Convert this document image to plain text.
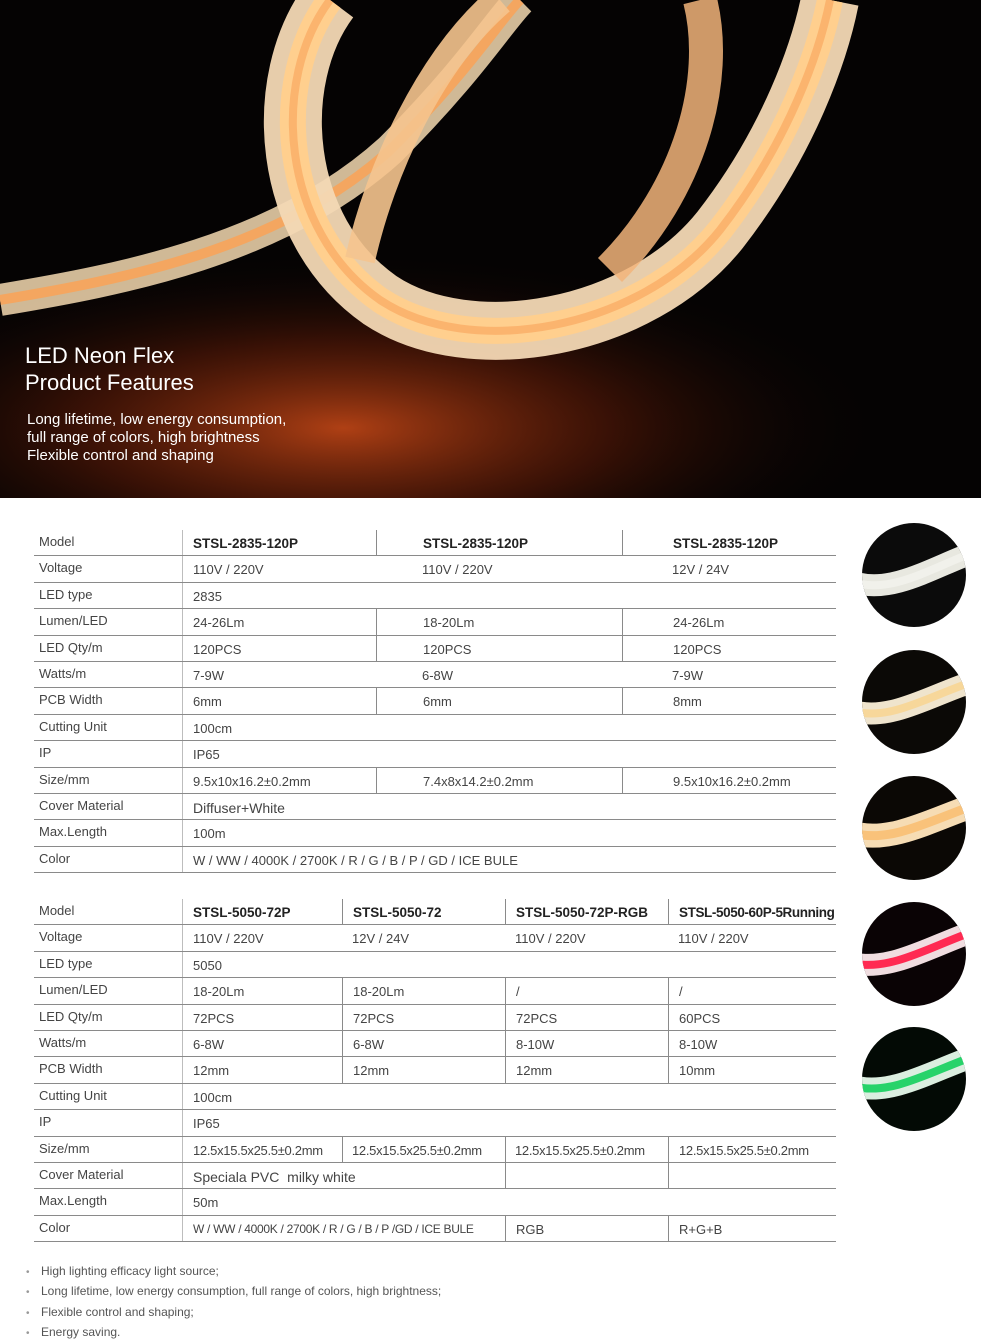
LED Neon Flex
Product Features
Long lifetime, low energy consumption,
full range of colors, high brightness
Flexible control and shaping
Model	STSL-2835-120P	STSL-2835-120P	STSL-2835-120P
Voltage	110V / 220V	110V / 220V	12V / 24V
LED type	2835
Lumen/LED	24-26Lm	18-20Lm	24-26Lm
LED Qty/m	120PCS	120PCS	120PCS
Watts/m	7-9W	6-8W	7-9W
PCB Width	6mm	6mm	8mm
Cutting Unit	100cm
IP	IP65
Size/mm	9.5x10x16.2±0.2mm	7.4x8x14.2±0.2mm	9.5x10x16.2±0.2mm
Cover Material	Diffuser+White
Max.Length	100m
Color	W / WW / 4000K / 2700K / R / G / B / P / GD / ICE BULE
Model	STSL-5050-72P	STSL-5050-72	STSL-5050-72P-RGB	STSL-5050-60P-5Running
Voltage	110V / 220V	12V / 24V	110V / 220V	110V / 220V
LED type	5050
Lumen/LED	18-20Lm	18-20Lm	/	/
LED Qty/m	72PCS	72PCS	72PCS	60PCS
Watts/m	6-8W	6-8W	8-10W	8-10W
PCB Width	12mm	12mm	12mm	10mm
Cutting Unit	100cm
IP	IP65
Size/mm	12.5x15.5x25.5±0.2mm	12.5x15.5x25.5±0.2mm	12.5x15.5x25.5±0.2mm	12.5x15.5x25.5±0.2mm
Cover Material	Speciala PVC  milky white
Max.Length	50m
Color	W / WW / 4000K / 2700K / R / G / B / P /GD / ICE BULE	RGB	R+G+B
• High lighting efficacy light source;
• Long lifetime, low energy consumption, full range of colors, high brightness;
• Flexible control and shaping;
• Energy saving.
